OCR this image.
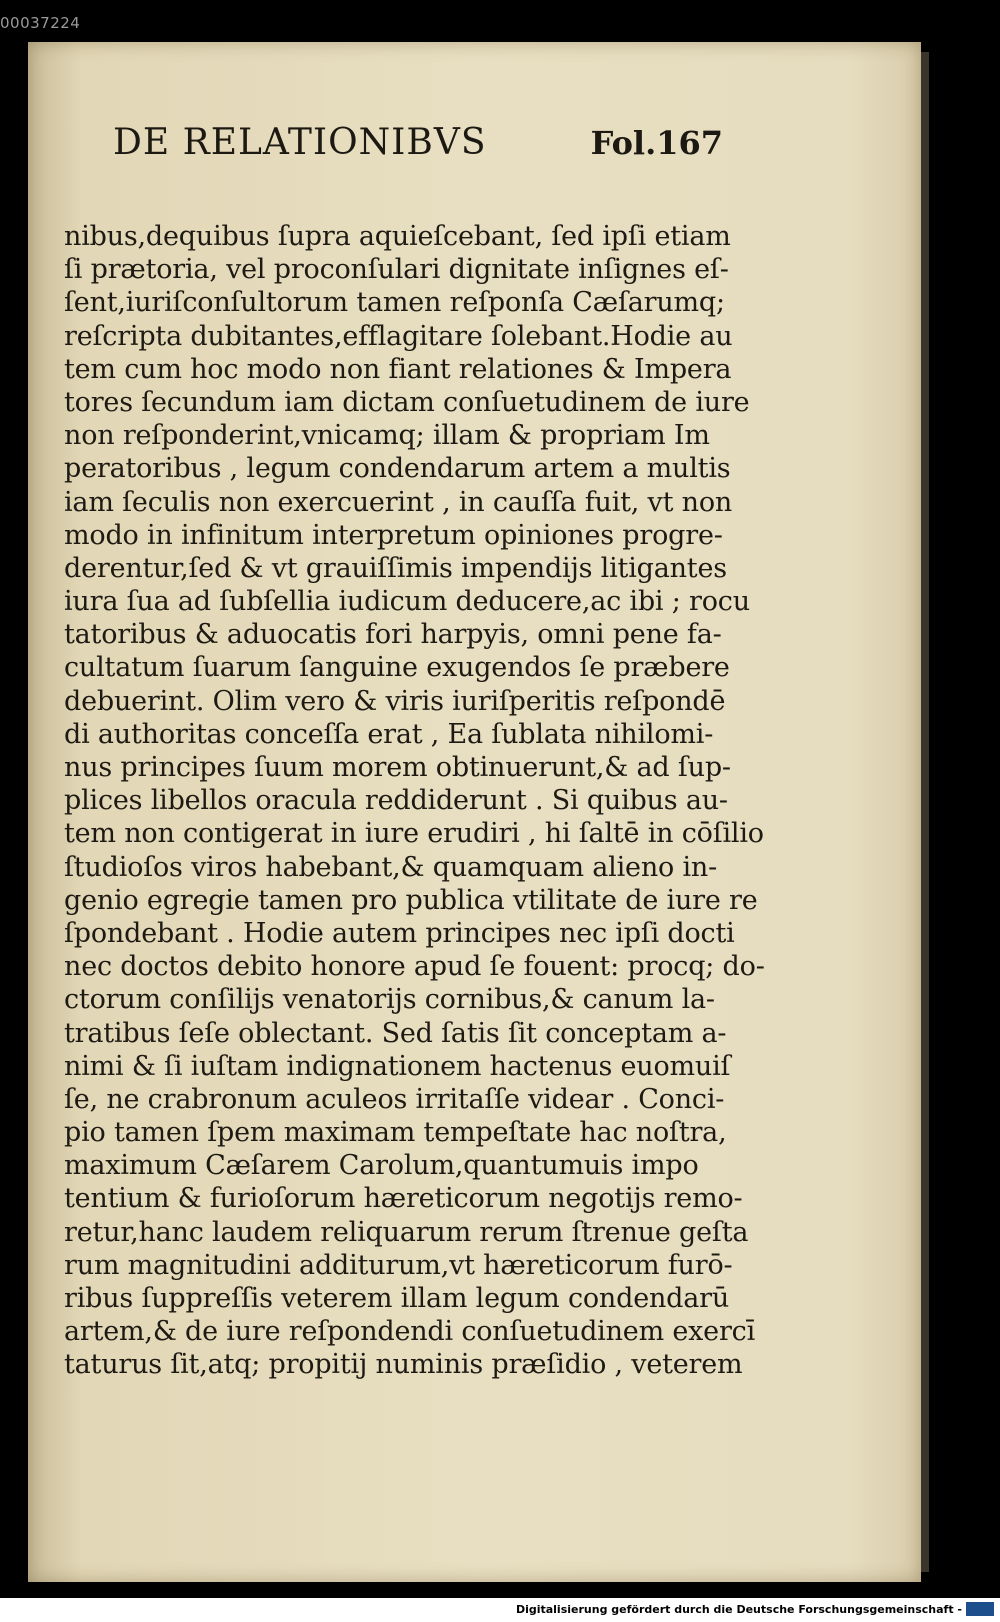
00037224
DE RELATIONIBVS	Fol.167
nibus,dequibus ſupra aquieſcebant, ſed ipſi etiam
ſi prætoria, vel proconſulari dignitate inſignes eſ-
ſent,iuriſconſultorum tamen reſponſa Cæſarumq;
reſcripta dubitantes,efflagitare ſolebant.Hodie au
tem cum hoc modo non fiant relationes & Impera
tores ſecundum iam dictam conſuetudinem de iure
non reſponderint,vnicamq; illam & propriam Im
peratoribus , legum condendarum artem a multis
iam ſeculis non exercuerint , in cauſſa fuit, vt non
modo in infinitum interpretum opiniones progre-
derentur,ſed & vt grauiſſimis impendijs litigantes
iura ſua ad ſubſellia iudicum deducere,ac ibi ; rocu
tatoribus & aduocatis fori harpyis, omni pene fa-
cultatum ſuarum ſanguine exugendos ſe præbere
debuerint. Olim vero & viris iuriſperitis reſpondē
di authoritas conceſſa erat , Ea ſublata nihilomi-
nus principes ſuum morem obtinuerunt,& ad ſup-
plices libellos oracula reddiderunt . Si quibus au-
tem non contigerat in iure erudiri , hi ſaltē in cōſilio
ſtudioſos viros habebant,& quamquam alieno in-
genio egregie tamen pro publica vtilitate de iure re
ſpondebant . Hodie autem principes nec ipſi docti
nec doctos debito honore apud ſe fouent: procq; do-
ctorum conſilijs venatorijs cornibus,& canum la-
tratibus ſeſe oblectant. Sed ſatis ſit conceptam a-
nimi & ſi iuſtam indignationem hactenus euomuiſ
ſe, ne crabronum aculeos irritaſſe videar . Conci-
pio tamen ſpem maximam tempeſtate hac noſtra,
maximum Cæſarem Carolum,quantumuis impo
tentium & furioſorum hæreticorum negotijs remo-
retur,hanc laudem reliquarum rerum ſtrenue geſta
rum magnitudini additurum,vt hæreticorum furō-
ribus ſuppreſſis veterem illam legum condendarū
artem,& de iure reſpondendi conſuetudinem exercī
taturus ſit,atq; propitij numinis præſidio , veterem
Digitalisierung gefördert durch die Deutsche Forschungsgemeinschaft -
